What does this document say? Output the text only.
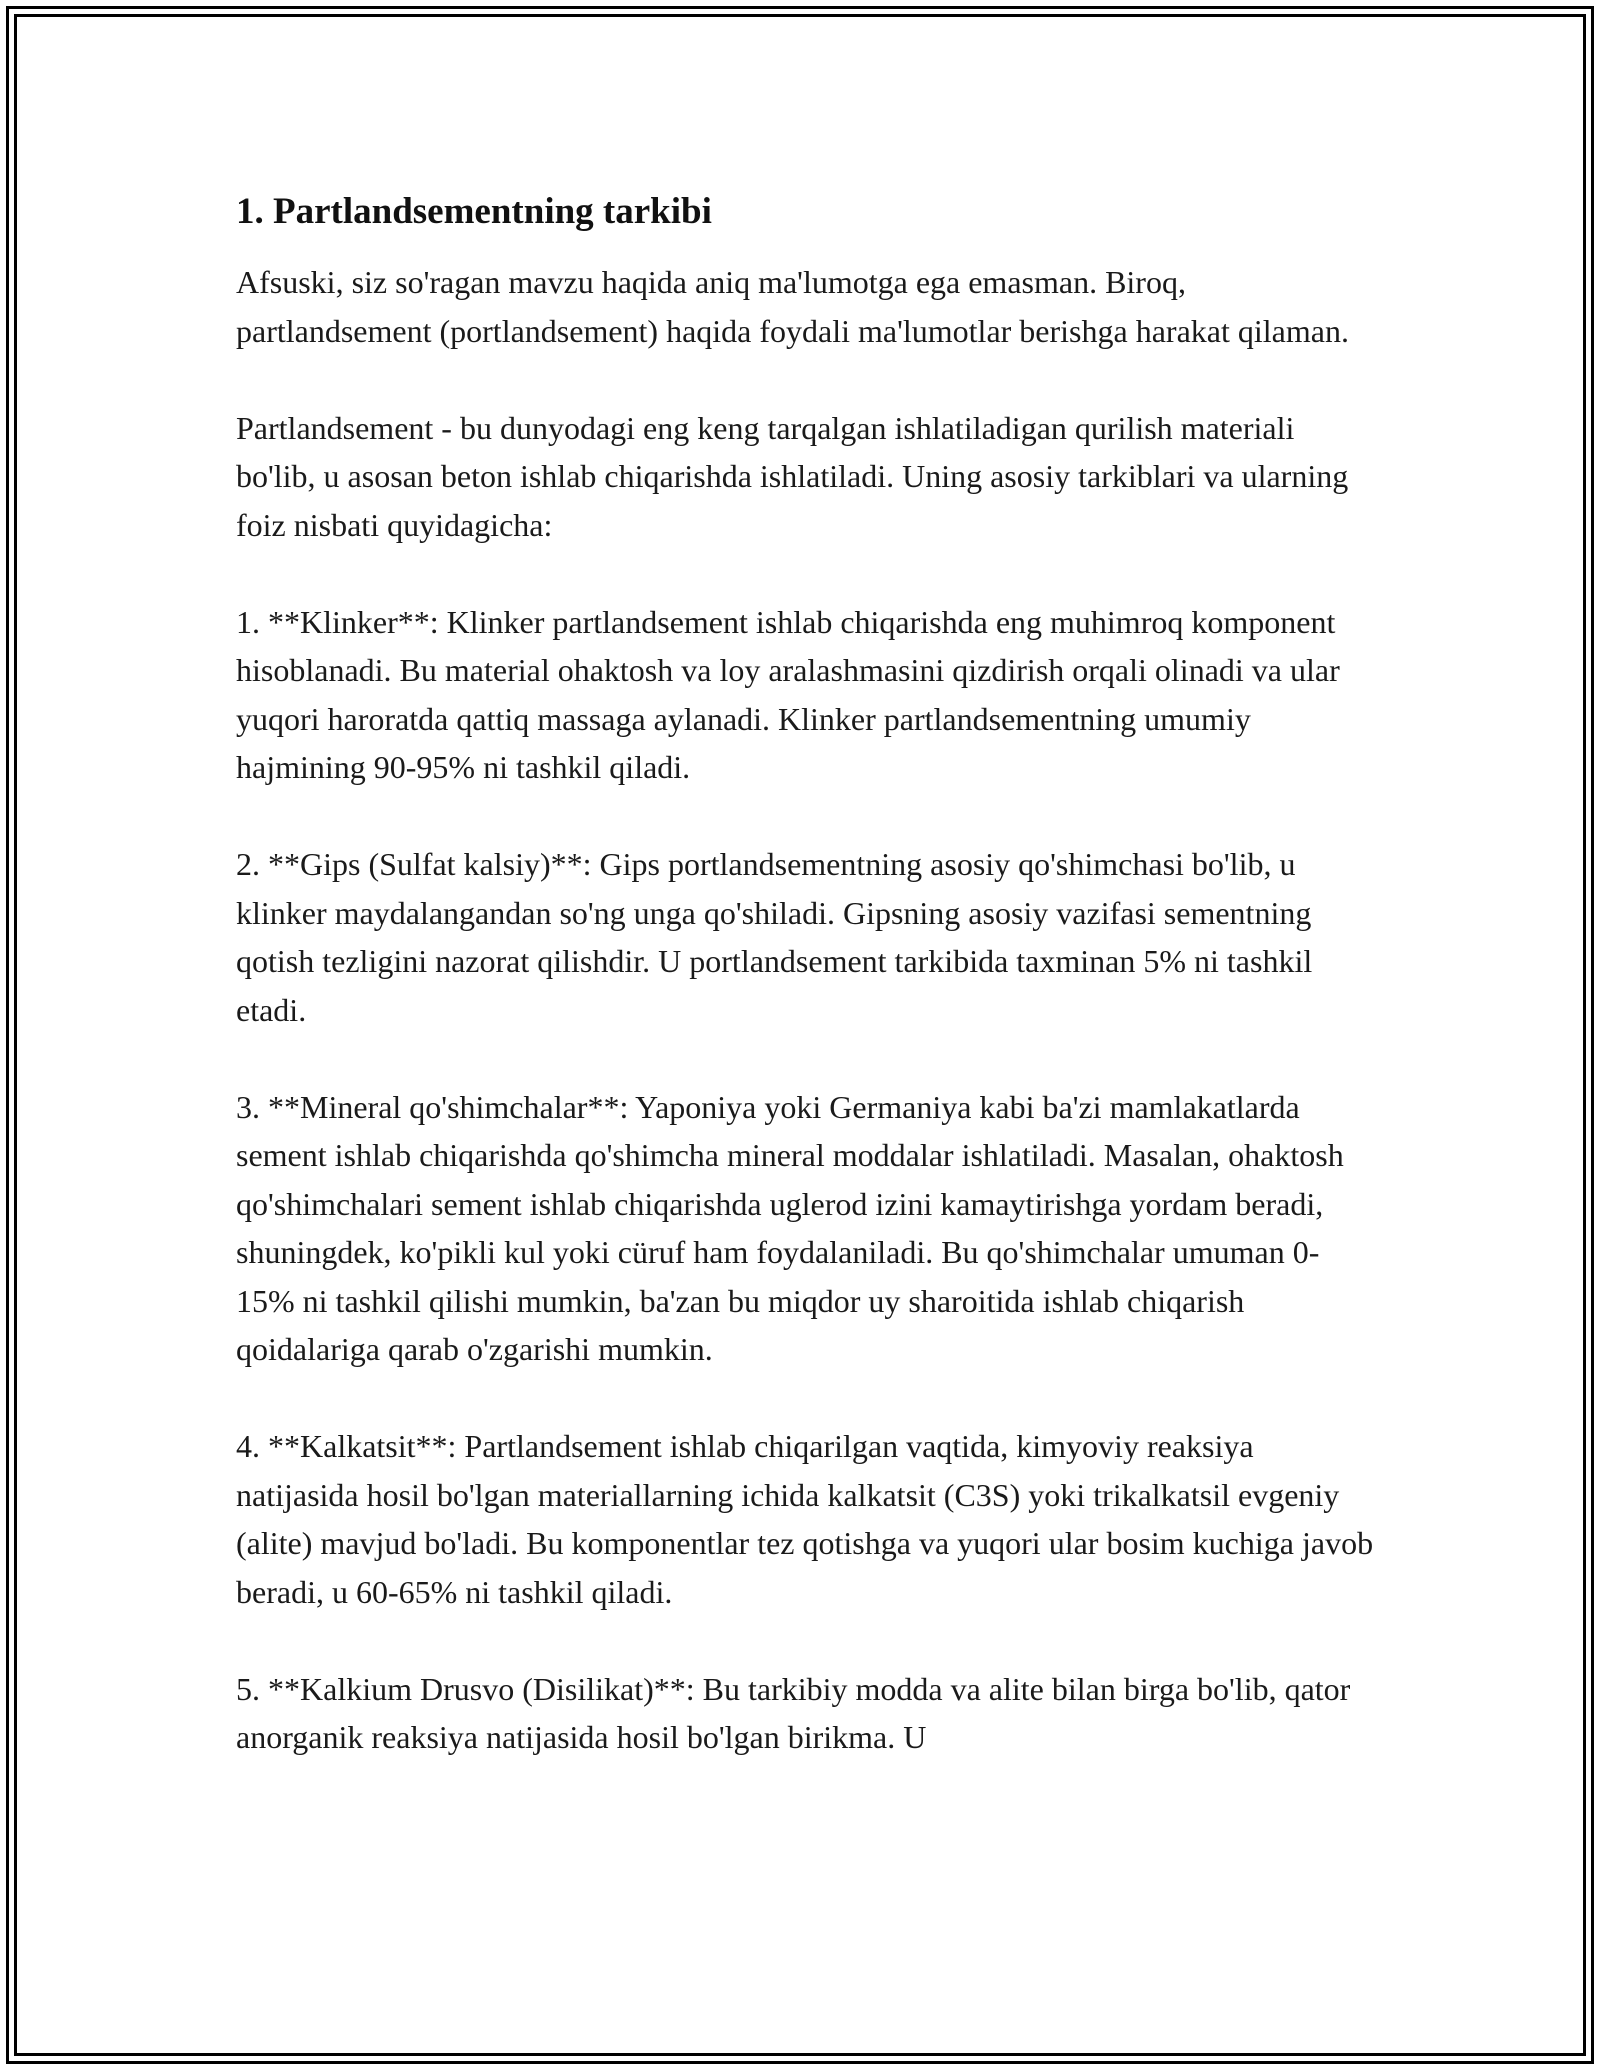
1. Partlandsementning tarkibi

Afsuski, siz so'ragan mavzu haqida aniq ma'lumotga ega emasman. Biroq, partlandsement (portlandsement) haqida foydali ma'lumotlar berishga harakat qilaman.

Partlandsement - bu dunyodagi eng keng tarqalgan ishlatiladigan qurilish materiali bo'lib, u asosan beton ishlab chiqarishda ishlatiladi. Uning asosiy tarkiblari va ularning foiz nisbati quyidagicha:

1. **Klinker**: Klinker partlandsement ishlab chiqarishda eng muhimroq komponent hisoblanadi. Bu material ohaktosh va loy aralashmasini qizdirish orqali olinadi va ular yuqori haroratda qattiq massaga aylanadi. Klinker partlandsementning umumiy hajmining 90-95% ni tashkil qiladi.

2. **Gips (Sulfat kalsiy)**: Gips portlandsementning asosiy qo'shimchasi bo'lib, u klinker maydalangandan so'ng unga qo'shiladi. Gipsning asosiy vazifasi sementning qotish tezligini nazorat qilishdir. U portlandsement tarkibida taxminan 5% ni tashkil etadi.

3. **Mineral qo'shimchalar**: Yaponiya yoki Germaniya kabi ba'zi mamlakatlarda sement ishlab chiqarishda qo'shimcha mineral moddalar ishlatiladi. Masalan, ohaktosh qo'shimchalari sement ishlab chiqarishda uglerod izini kamaytirishga yordam beradi, shuningdek, ko'pikli kul yoki cüruf ham foydalaniladi. Bu qo'shimchalar umuman 0-15% ni tashkil qilishi mumkin, ba'zan bu miqdor uy sharoitida ishlab chiqarish qoidalariga qarab o'zgarishi mumkin.

4. **Kalkatsit**: Partlandsement ishlab chiqarilgan vaqtida, kimyoviy reaksiya natijasida hosil bo'lgan materiallarning ichida kalkatsit (C3S) yoki trikalkatsil evgeniy (alite) mavjud bo'ladi. Bu komponentlar tez qotishga va yuqori ular bosim kuchiga javob beradi, u 60-65% ni tashkil qiladi.

5. **Kalkium Drusvo (Disilikat)**: Bu tarkibiy modda va alite bilan birga bo'lib, qator anorganik reaksiya natijasida hosil bo'lgan birikma. U
